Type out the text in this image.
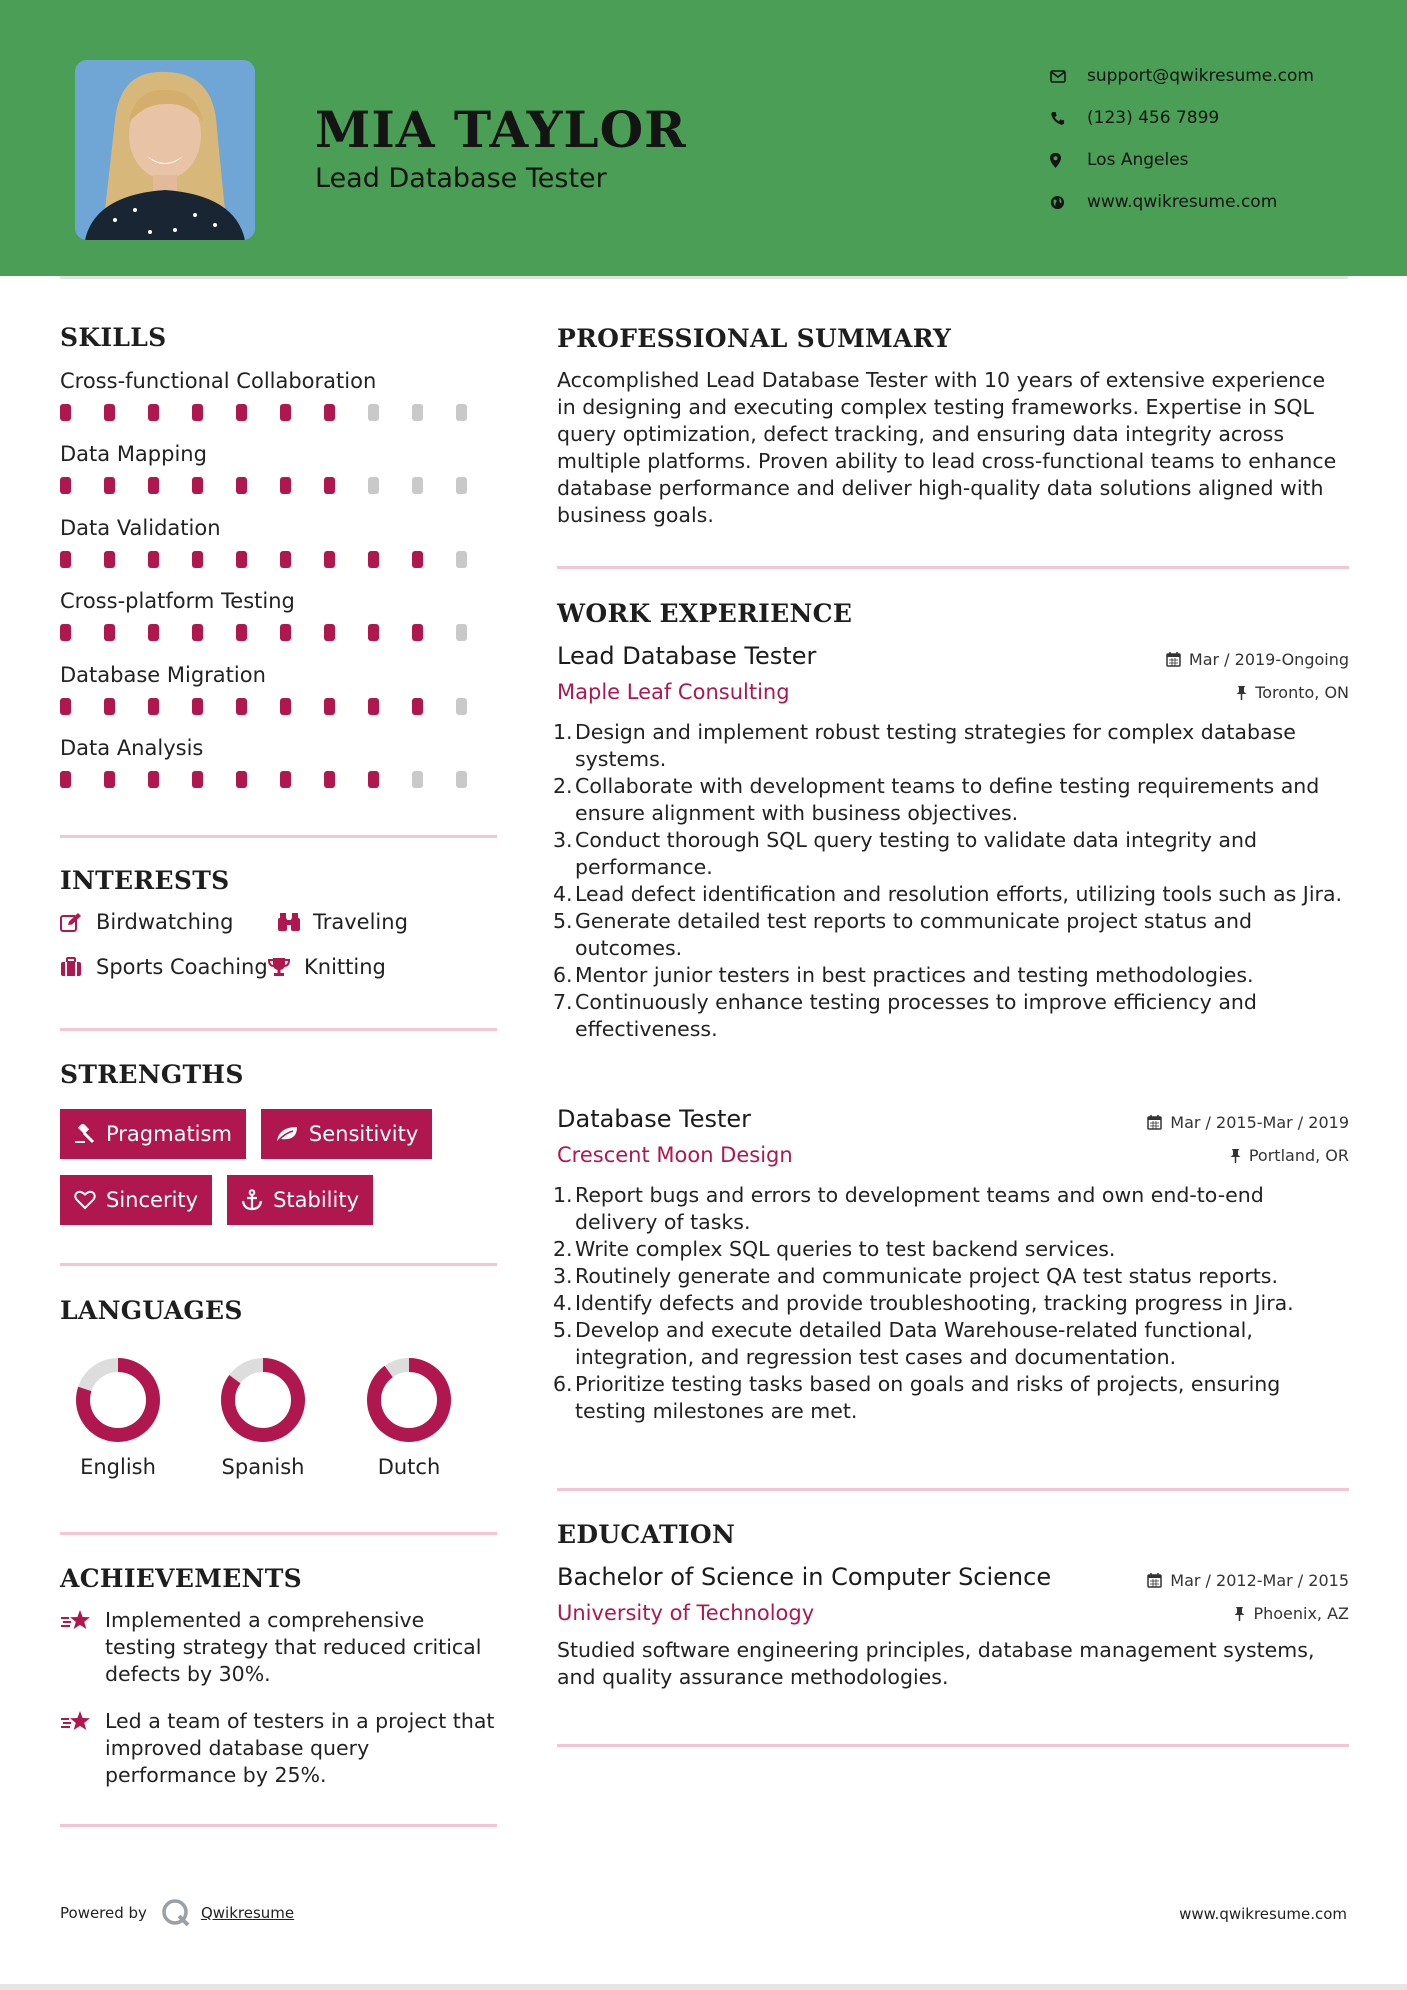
MIA TAYLOR
Lead Database Tester
support@qwikresume.com
(123) 456 7899
Los Angeles
www.qwikresume.com
SKILLS
Cross-functional Collaboration
Data Mapping
Data Validation
Cross-platform Testing
Database Migration
Data Analysis
INTERESTS
Birdwatching	Traveling
Sports Coaching Knitting
STRENGTHS
Pragmatism	Sensitivity
Sincerity	Stability
LANGUAGES
English	Spanish	Dutch
ACHIEVEMENTS
Implemented a comprehensive testing strategy that reduced critical defects by 30%.
Led a team of testers in a project that improved database query performance by 25%.
PROFESSIONAL SUMMARY
Accomplished Lead Database Tester with 10 years of extensive experience in designing and executing complex testing frameworks. Expertise in SQL query optimization, defect tracking, and ensuring data integrity across multiple platforms. Proven ability to lead cross-functional teams to enhance database performance and deliver high-quality data solutions aligned with business goals.
WORK EXPERIENCE
Lead Database Tester
Maple Leaf Consulting
Mar / 2019-Ongoing
Toronto, ON
1. Design and implement robust testing strategies for complex database systems.
2. Collaborate with development teams to define testing requirements and ensure alignment with business objectives.
3. Conduct thorough SQL query testing to validate data integrity and performance.
4. Lead defect identification and resolution efforts, utilizing tools such as Jira.
5. Generate detailed test reports to communicate project status and outcomes.
6. Mentor junior testers in best practices and testing methodologies.
7. Continuously enhance testing processes to improve efficiency and effectiveness.
Database Tester
Crescent Moon Design
Mar / 2015-Mar / 2019
Portland, OR
1. Report bugs and errors to development teams and own end-to-end delivery of tasks.
2. Write complex SQL queries to test backend services.
3. Routinely generate and communicate project QA test status reports.
4. Identify defects and provide troubleshooting, tracking progress in Jira.
5. Develop and execute detailed Data Warehouse-related functional, integration, and regression test cases and documentation.
6. Prioritize testing tasks based on goals and risks of projects, ensuring testing milestones are met.
EDUCATION
Bachelor of Science in Computer Science
University of Technology
Mar / 2012-Mar / 2015
Phoenix, AZ
Studied software engineering principles, database management systems, and quality assurance methodologies.
Powered by	Qwikresume	www.qwikresume.com
